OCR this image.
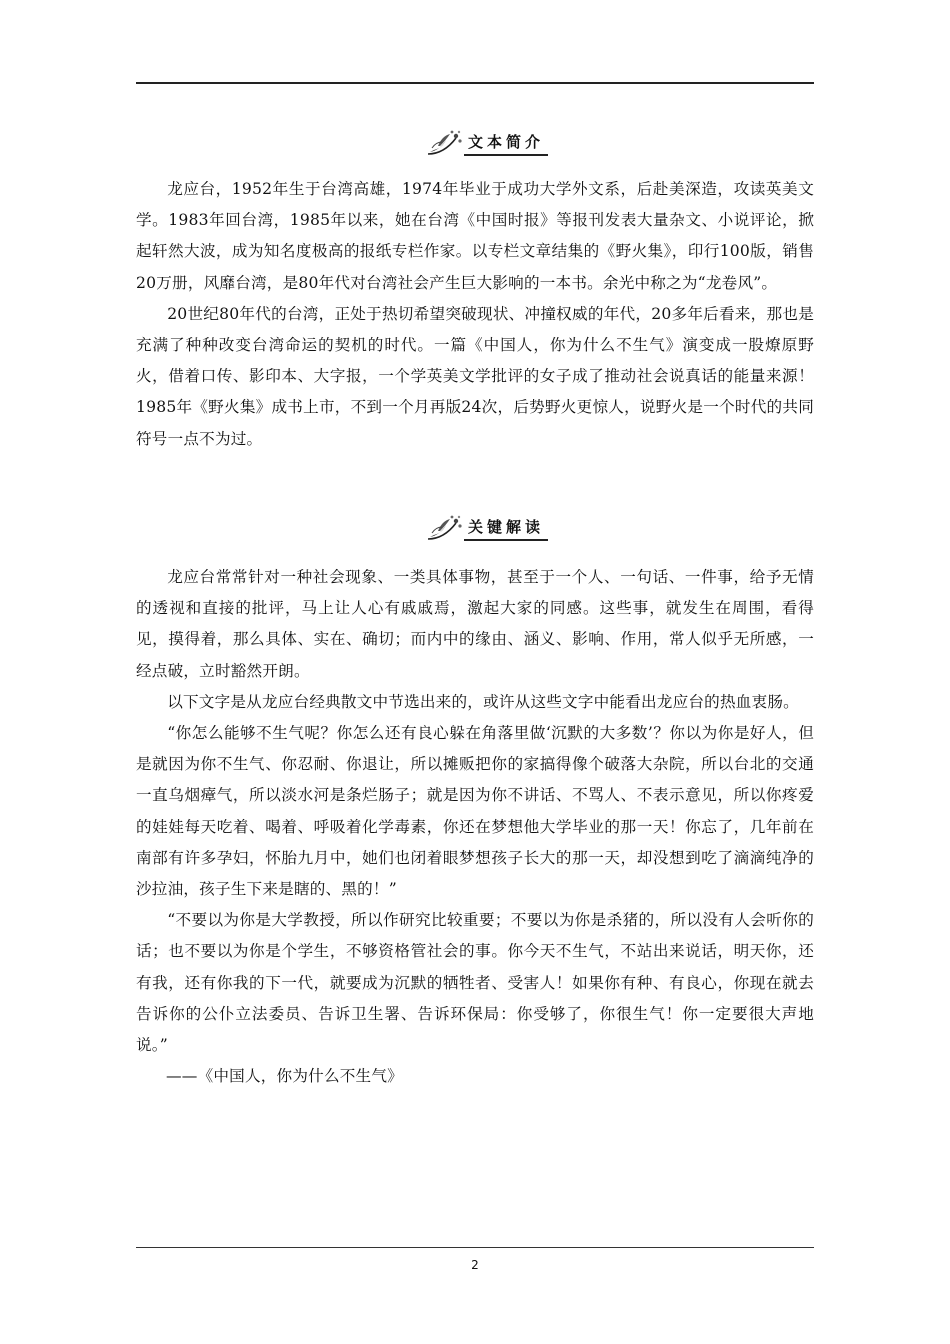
文本简介

龙应台，1952年生于台湾高雄，1974年毕业于成功大学外文系，后赴美深造，攻读英美文学。1983年回台湾，1985年以来，她在台湾《中国时报》等报刊发表大量杂文、小说评论，掀起轩然大波，成为知名度极高的报纸专栏作家。以专栏文章结集的《野火集》，印行100版，销售20万册，风靡台湾，是80年代对台湾社会产生巨大影响的一本书。余光中称之为“龙卷风”。

20世纪80年代的台湾，正处于热切希望突破现状、冲撞权威的年代，20多年后看来，那也是充满了种种改变台湾命运的契机的时代。一篇《中国人，你为什么不生气》演变成一股燎原野火，借着口传、影印本、大字报，一个学英美文学批评的女子成了推动社会说真话的能量来源！1985年《野火集》成书上市，不到一个月再版24次，后势野火更惊人，说野火是一个时代的共同符号一点不为过。

关键解读

龙应台常常针对一种社会现象、一类具体事物，甚至于一个人、一句话、一件事，给予无情的透视和直接的批评，马上让人心有戚戚焉，激起大家的同感。这些事，就发生在周围，看得见，摸得着，那么具体、实在、确切；而内中的缘由、涵义、影响、作用，常人似乎无所感，一经点破，立时豁然开朗。

以下文字是从龙应台经典散文中节选出来的，或许从这些文字中能看出龙应台的热血衷肠。

“你怎么能够不生气呢？你怎么还有良心躲在角落里做‘沉默的大多数’？你以为你是好人，但是就因为你不生气、你忍耐、你退让，所以摊贩把你的家搞得像个破落大杂院，所以台北的交通一直乌烟瘴气，所以淡水河是条烂肠子；就是因为你不讲话、不骂人、不表示意见，所以你疼爱的娃娃每天吃着、喝着、呼吸着化学毒素，你还在梦想他大学毕业的那一天！你忘了，几年前在南部有许多孕妇，怀胎九月中，她们也闭着眼梦想孩子长大的那一天，却没想到吃了滴滴纯净的沙拉油，孩子生下来是瞎的、黑的！”

“不要以为你是大学教授，所以作研究比较重要；不要以为你是杀猪的，所以没有人会听你的话；也不要以为你是个学生，不够资格管社会的事。你今天不生气，不站出来说话，明天你，还有我，还有你我的下一代，就要成为沉默的牺牲者、受害人！如果你有种、有良心，你现在就去告诉你的公仆立法委员、告诉卫生署、告诉环保局：你受够了，你很生气！你一定要很大声地说。”

——《中国人，你为什么不生气》

2
